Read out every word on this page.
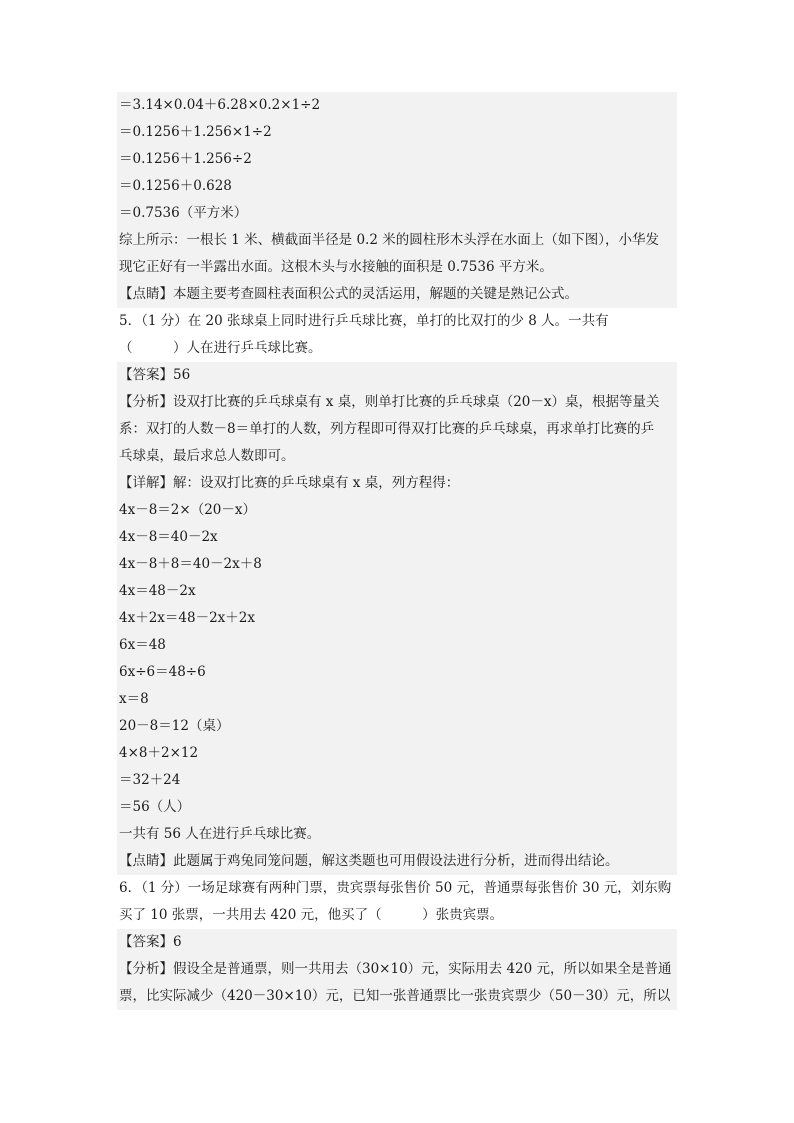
＝3.14×0.04＋6.28×0.2×1÷2
＝0.1256＋1.256×1÷2
＝0.1256＋1.256÷2
＝0.1256＋0.628
＝0.7536（平方米）
综上所示：一根长 1 米、横截面半径是 0.2 米的圆柱形木头浮在水面上（如下图），小华发
现它正好有一半露出水面。这根木头与水接触的面积是 0.7536 平方米。
【点睛】本题主要考查圆柱表面积公式的灵活运用，解题的关键是熟记公式。
5．（1 分）在 20 张球桌上同时进行乒乓球比赛，单打的比双打的少 8 人。一共有
（　　　）人在进行乒乓球比赛。
【答案】56
【分析】设双打比赛的乒乓球桌有 x 桌，则单打比赛的乒乓球桌（20－x）桌，根据等量关
系：双打的人数－8＝单打的人数，列方程即可得双打比赛的乒乓球桌，再求单打比赛的乒
乓球桌，最后求总人数即可。
【详解】解：设双打比赛的乒乓球桌有 x 桌，列方程得：
4x－8＝2×（20－x）
4x－8＝40－2x
4x－8＋8＝40－2x＋8
4x＝48－2x
4x＋2x＝48－2x＋2x
6x＝48
6x÷6＝48÷6
x＝8
20－8＝12（桌）
4×8＋2×12
＝32＋24
＝56（人）
一共有 56 人在进行乒乓球比赛。
【点睛】此题属于鸡兔同笼问题，解这类题也可用假设法进行分析，进而得出结论。
6．（1 分）一场足球赛有两种门票，贵宾票每张售价 50 元，普通票每张售价 30 元，刘东购
买了 10 张票，一共用去 420 元，他买了（　　　）张贵宾票。
【答案】6
【分析】假设全是普通票，则一共用去（30×10）元，实际用去 420 元，所以如果全是普通
票，比实际减少（420－30×10）元，已知一张普通票比一张贵宾票少（50－30）元，所以
